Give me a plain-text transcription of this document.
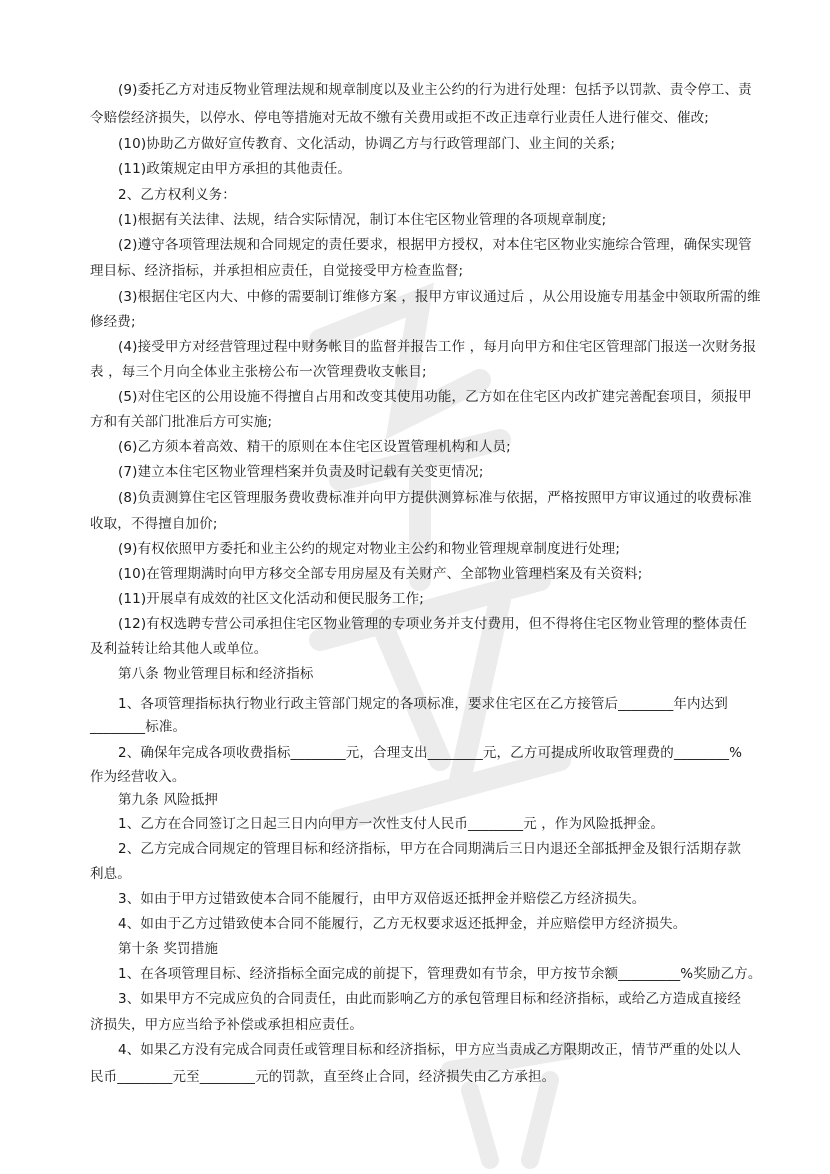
(9)委托乙方对违反物业管理法规和规章制度以及业主公约的行为进行处理：包括予以罚款、责令停工、责
令赔偿经济损失，以停水、停电等措施对无故不缴有关费用或拒不改正违章行业责任人进行催交、催改;
(10)协助乙方做好宣传教育、文化活动，协调乙方与行政管理部门、业主间的关系;
(11)政策规定由甲方承担的其他责任。
2、乙方权利义务：
(1)根据有关法律、法规，结合实际情况，制订本住宅区物业管理的各项规章制度;
(2)遵守各项管理法规和合同规定的责任要求，根据甲方授权，对本住宅区物业实施综合管理，确保实现管
理目标、经济指标，并承担相应责任，自觉接受甲方检查监督;
(3)根据住宅区内大、中修的需要制订维修方案 ，报甲方审议通过后 ，从公用设施专用基金中领取所需的维
修经费;
(4)接受甲方对经营管理过程中财务帐目的监督并报告工作 ，每月向甲方和住宅区管理部门报送一次财务报
表 ，每三个月向全体业主张榜公布一次管理费收支帐目;
(5)对住宅区的公用设施不得擅自占用和改变其使用功能，乙方如在住宅区内改扩建完善配套项目，须报甲
方和有关部门批准后方可实施;
(6)乙方须本着高效、精干的原则在本住宅区设置管理机构和人员;
(7)建立本住宅区物业管理档案并负责及时记载有关变更情况;
(8)负责测算住宅区管理服务费收费标准并向甲方提供测算标准与依据，严格按照甲方审议通过的收费标准
收取，不得擅自加价;
(9)有权依照甲方委托和业主公约的规定对物业主公约和物业管理规章制度进行处理;
(10)在管理期满时向甲方移交全部专用房屋及有关财产、全部物业管理档案及有关资料;
(11)开展卓有成效的社区文化活动和便民服务工作;
(12)有权选聘专营公司承担住宅区物业管理的专项业务并支付费用，但不得将住宅区物业管理的整体责任
及利益转让给其他人或单位。
第八条 物业管理目标和经济指标
1、各项管理指标执行物业行政主管部门规定的各项标准，要求住宅区在乙方接管后________年内达到
________标准。
2、确保年完成各项收费指标________元，合理支出________元，乙方可提成所收取管理费的________%
作为经营收入。
第九条 风险抵押
1、乙方在合同签订之日起三日内向甲方一次性支付人民币________元 ，作为风险抵押金。
2、乙方完成合同规定的管理目标和经济指标，甲方在合同期满后三日内退还全部抵押金及银行活期存款
利息。
3、如由于甲方过错致使本合同不能履行，由甲方双倍返还抵押金并赔偿乙方经济损失。
4、如由于乙方过错致使本合同不能履行，乙方无权要求返还抵押金，并应赔偿甲方经济损失。
第十条 奖罚措施
1、在各项管理目标、经济指标全面完成的前提下，管理费如有节余，甲方按节余额_________%奖励乙方。
3、如果甲方不完成应负的合同责任，由此而影响乙方的承包管理目标和经济指标，或给乙方造成直接经
济损失，甲方应当给予补偿或承担相应责任。
4、如果乙方没有完成合同责任或管理目标和经济指标，甲方应当责成乙方限期改正，情节严重的处以人
民币________元至________元的罚款，直至终止合同，经济损失由乙方承担。
